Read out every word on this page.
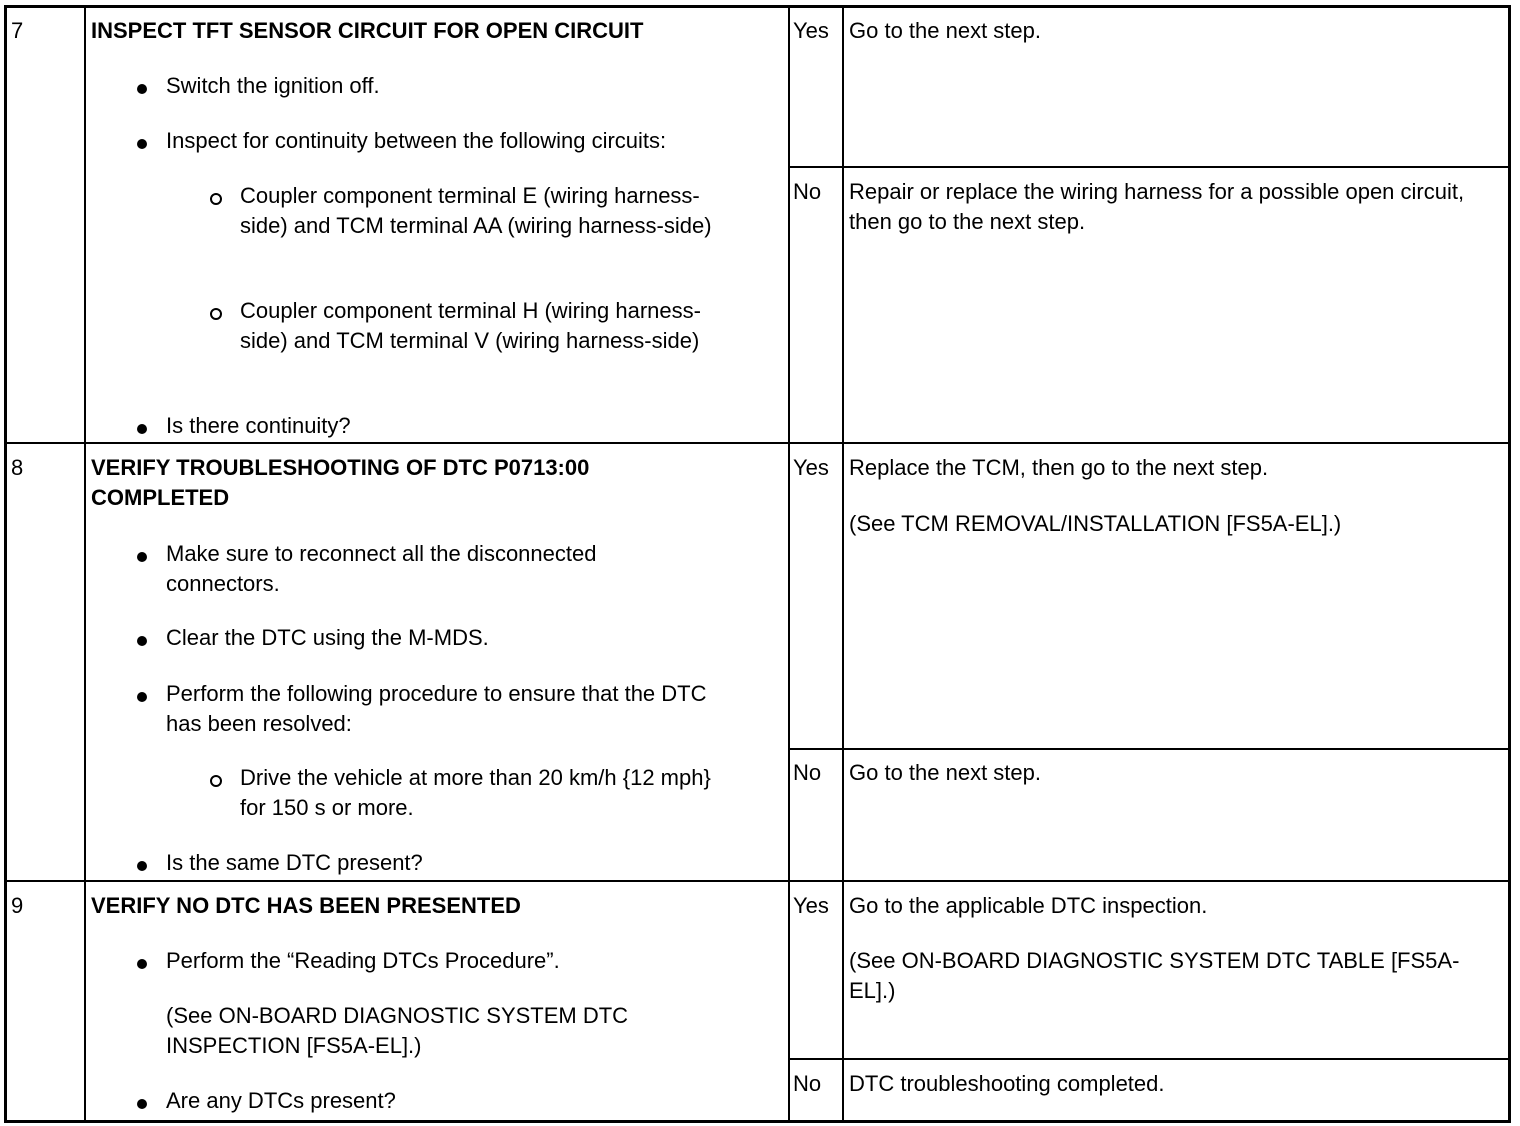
7	INSPECT TFT SENSOR CIRCUIT FOR OPEN CIRCUIT
Switch the ignition off.
Inspect for continuity between the following circuits:
Coupler component terminal E (wiring harness-side) and TCM terminal AA (wiring harness-side)
Coupler component terminal H (wiring harness-side) and TCM terminal V (wiring harness-side)
Is there continuity?
Yes Go to the next step.
No Repair or replace the wiring harness for a possible open circuit, then go to the next step.
8	VERIFY TROUBLESHOOTING OF DTC P0713:00 COMPLETED
Make sure to reconnect all the disconnected connectors.
Clear the DTC using the M-MDS.
Perform the following procedure to ensure that the DTC has been resolved:
Drive the vehicle at more than 20 km/h {12 mph} for 150 s or more.
Is the same DTC present?
Yes Replace the TCM, then go to the next step.
(See TCM REMOVAL/INSTALLATION [FS5A-EL].)
No Go to the next step.
9	VERIFY NO DTC HAS BEEN PRESENTED
Perform the “Reading DTCs Procedure”.
(See ON-BOARD DIAGNOSTIC SYSTEM DTC INSPECTION [FS5A-EL].)
Are any DTCs present?
Yes Go to the applicable DTC inspection.
(See ON-BOARD DIAGNOSTIC SYSTEM DTC TABLE [FS5A-EL].)
No DTC troubleshooting completed.
